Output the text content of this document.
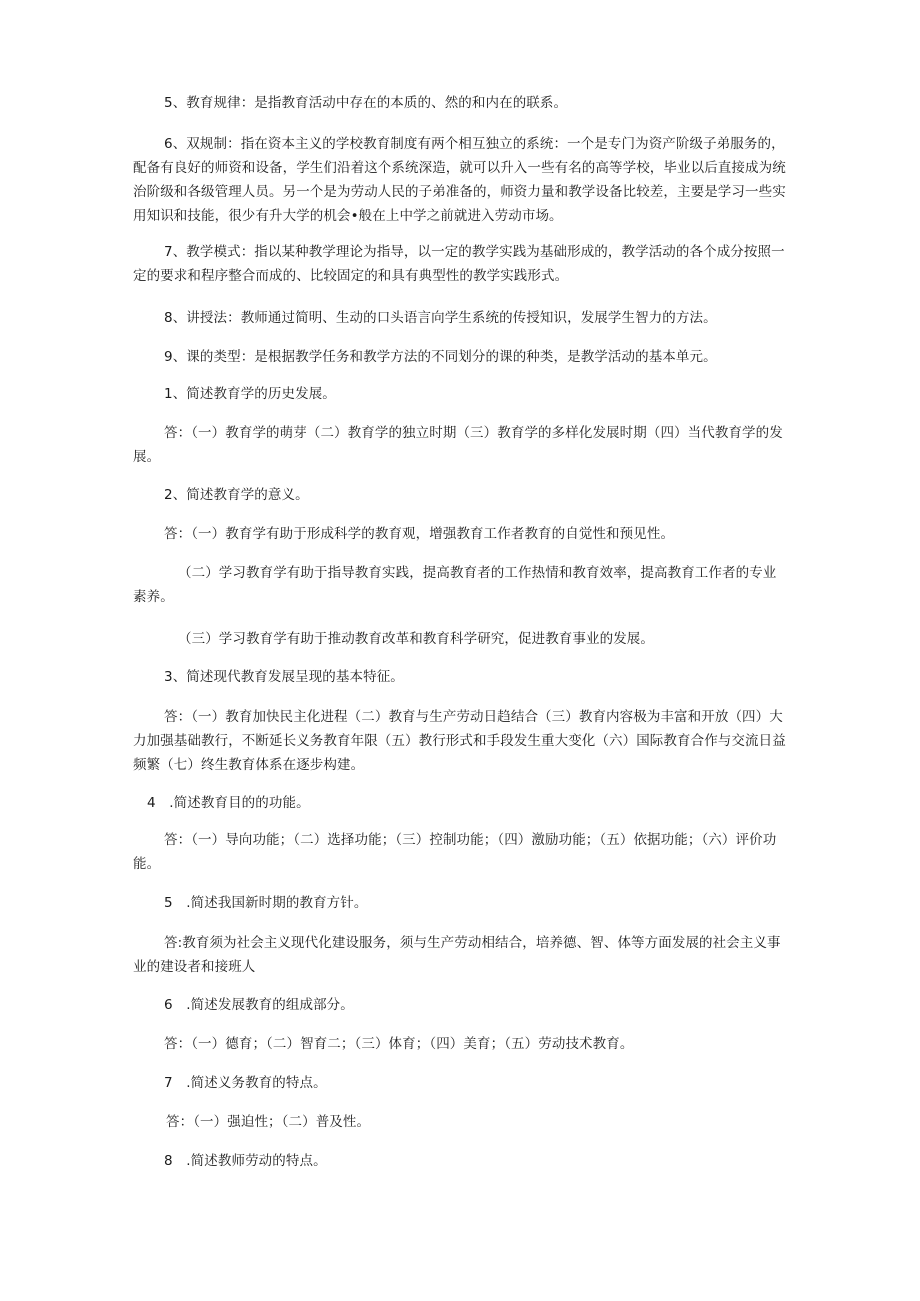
5、教育规律：是指教育活动中存在的本质的、然的和内在的联系。

6、双规制：指在资本主义的学校教育制度有两个相互独立的系统：一个是专门为资产阶级子弟服务的，配备有良好的师资和设备，学生们沿着这个系统深造，就可以升入一些有名的高等学校，毕业以后直接成为统治阶级和各级管理人员。另一个是为劳动人民的子弟准备的，师资力量和教学设备比较差，主要是学习一些实用知识和技能，很少有升大学的机会•般在上中学之前就进入劳动市场。

7、教学模式：指以某种教学理论为指导，以一定的教学实践为基础形成的，教学活动的各个成分按照一定的要求和程序整合而成的、比较固定的和具有典型性的教学实践形式。

8、讲授法：教师通过简明、生动的口头语言向学生系统的传授知识，发展学生智力的方法。

9、课的类型：是根据教学任务和教学方法的不同划分的课的种类，是教学活动的基本单元。

1、简述教育学的历史发展。

答：（一）教育学的萌芽（二）教育学的独立时期（三）教育学的多样化发展时期（四）当代教育学的发展。

2、简述教育学的意义。

答：（一）教育学有助于形成科学的教育观，增强教育工作者教育的自觉性和预见性。

（二）学习教育学有助于指导教育实践，提高教育者的工作热情和教育效率，提高教育工作者的专业素养。

（三）学习教育学有助于推动教育改革和教育科学研究，促进教育事业的发展。

3、简述现代教育发展呈现的基本特征。

答：（一）教育加快民主化进程（二）教育与生产劳动日趋结合（三）教育内容极为丰富和开放（四）大力加强基础教行，不断延长义务教育年限（五）教行形式和手段发生重大变化（六）国际教育合作与交流日益频繁（七）终生教育体系在逐步构建。

4　.简述教育目的的功能。

答：（一）导向功能；（二）选择功能；（三）控制功能；（四）激励功能；（五）依据功能；（六）评价功能。

5　.简述我国新时期的教育方针。

答:教育须为社会主义现代化建设服务，须与生产劳动相结合，培养德、智、体等方面发展的社会主义事业的建设者和接班人

6　.简述发展教育的组成部分。

答：（一）德育；（二）智育二；（三）体育；（四）美育；（五）劳动技术教育。

7　.简述义务教育的特点。

答：（一）强迫性；（二）普及性。

8　.简述教师劳动的特点。
